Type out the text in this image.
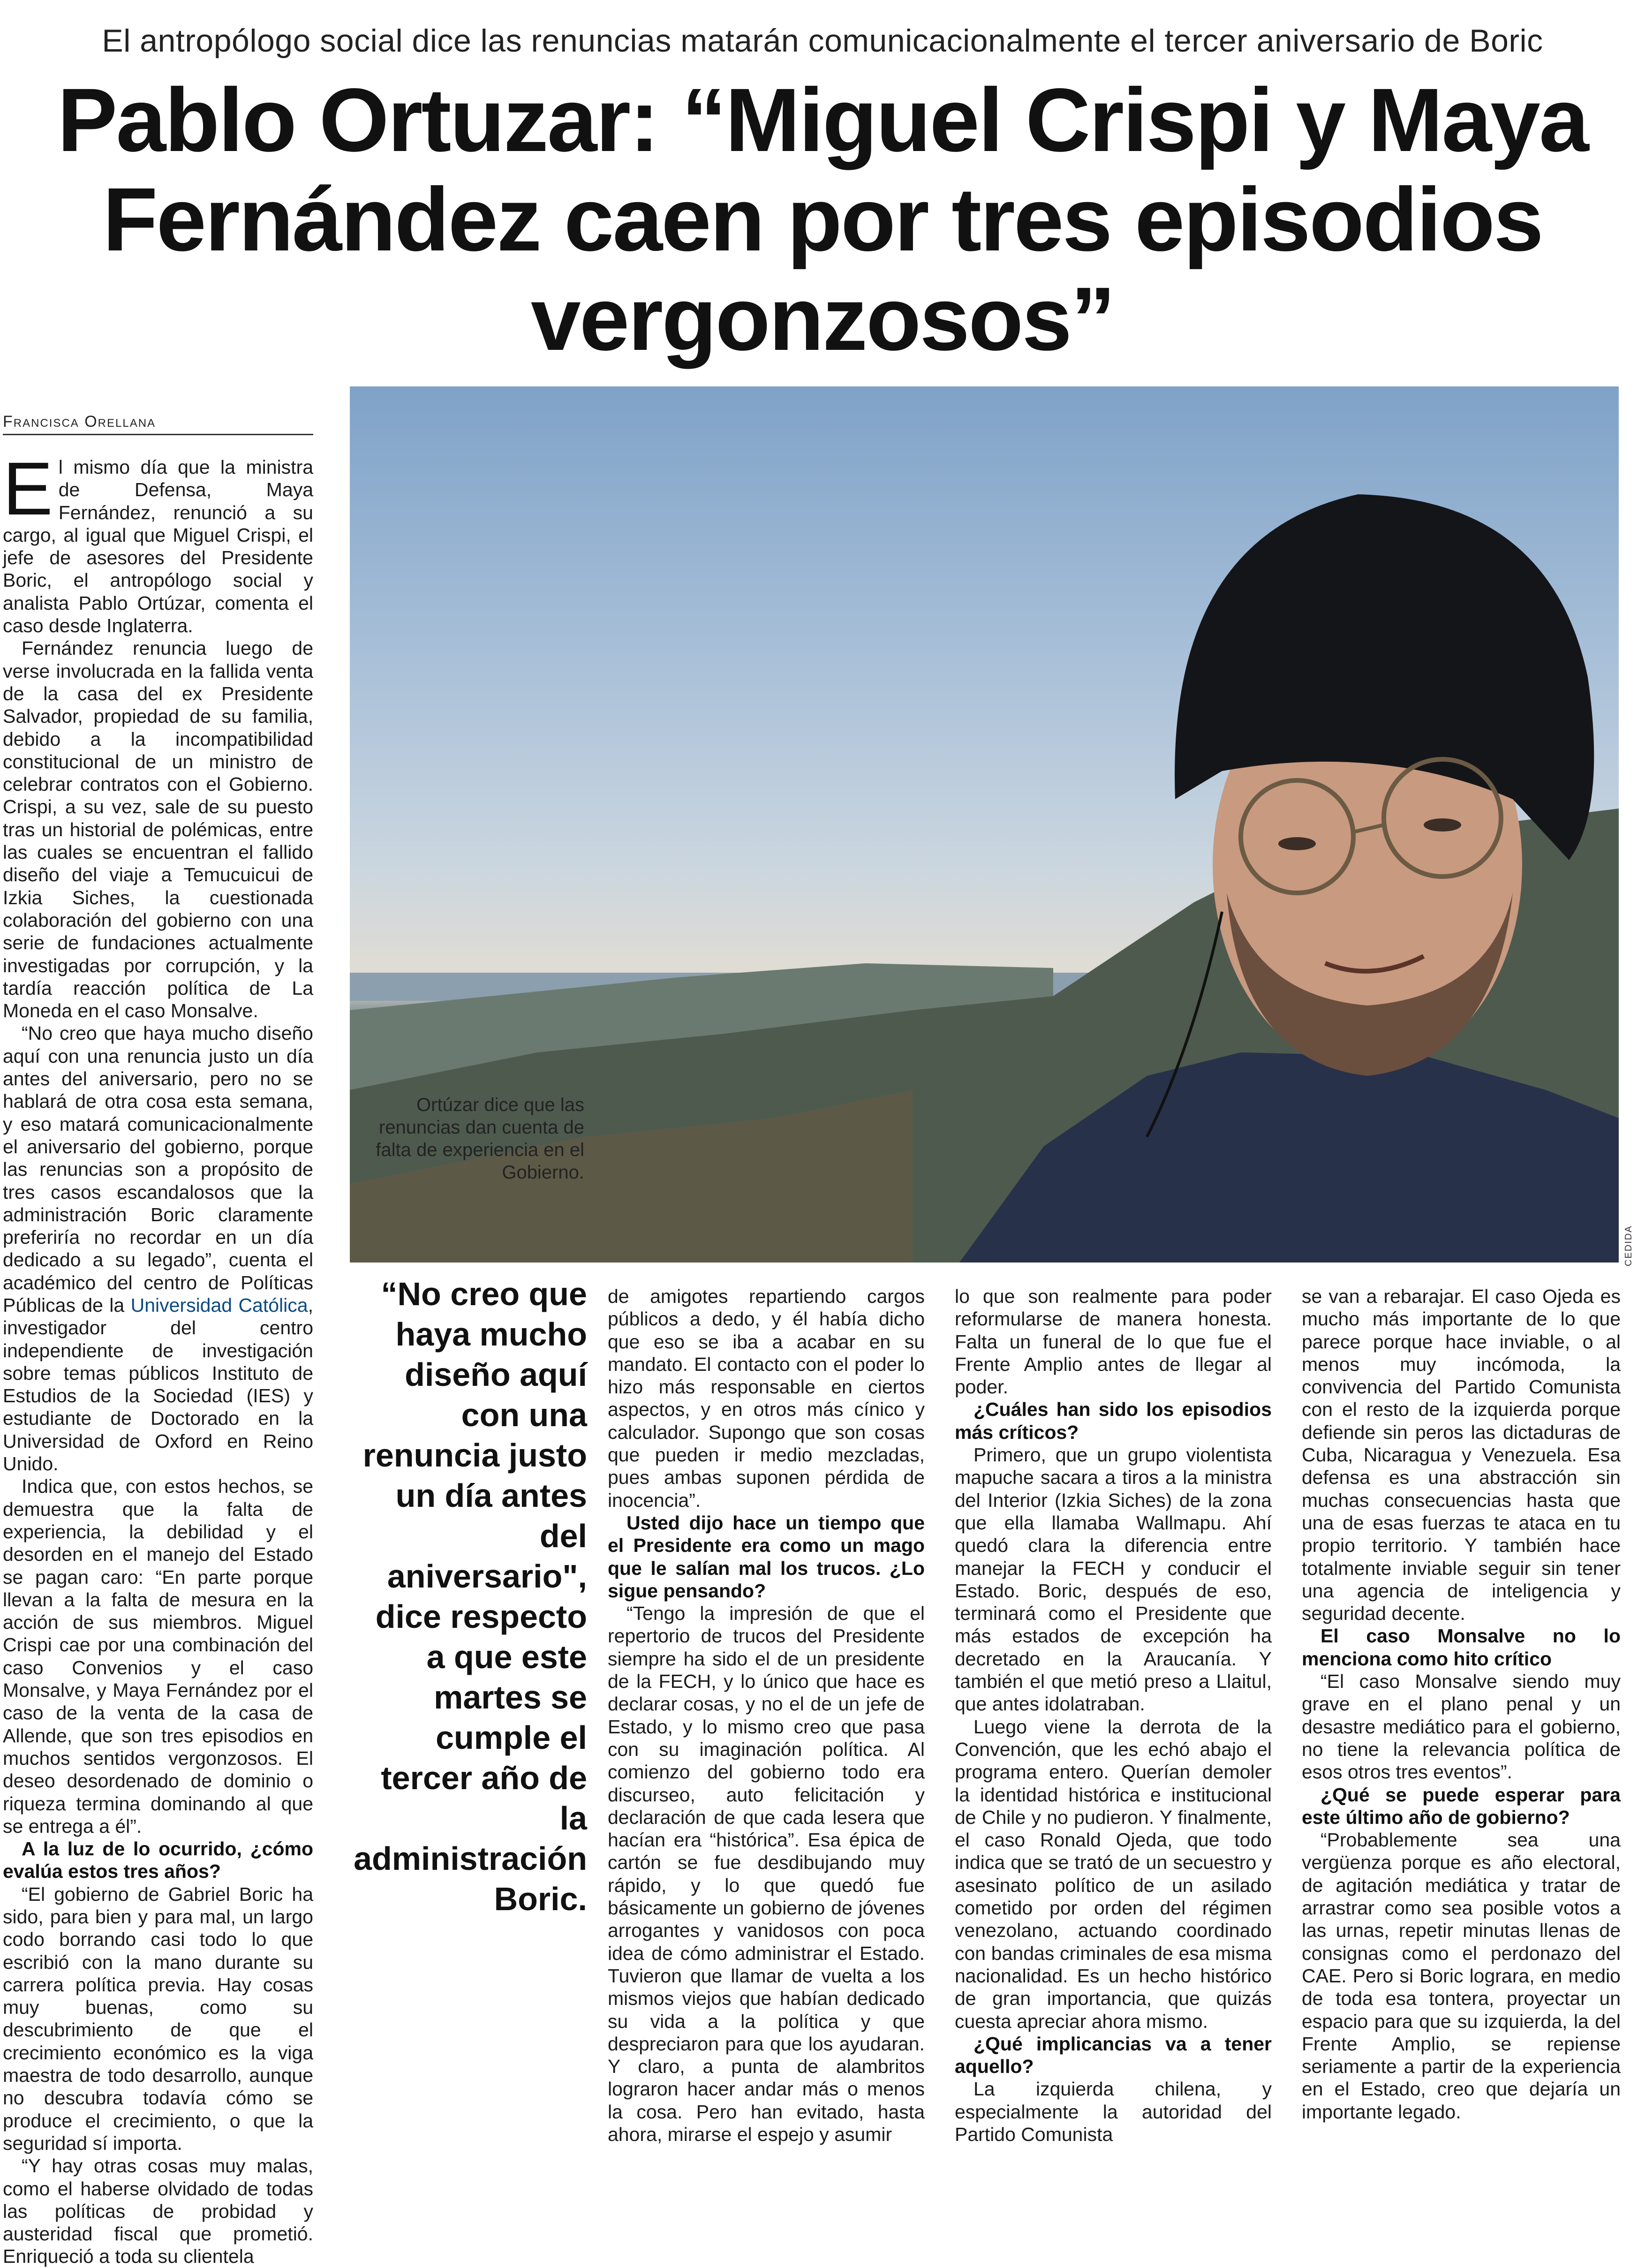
El antropólogo social dice las renuncias matarán comunicacionalmente el tercer aniversario de Boric
Pablo Ortuzar: “Miguel Crispi y Maya Fernández caen por tres episodios vergonzosos”
Francisca Orellana
Ortúzar dice que las renuncias dan cuenta de falta de experiencia en el Gobierno.
CEDIDA

El mismo día que la ministra de Defensa, Maya Fernández, renunció a su cargo, al igual que Miguel Crispi, el jefe de asesores del Presidente Boric, el antropólogo social y analista Pablo Ortúzar, comenta el caso desde Inglaterra.

Fernández renuncia luego de verse involucrada en la fallida venta de la casa del ex Presidente Salvador, propiedad de su familia, debido a la incompatibilidad constitucional de un ministro de celebrar contratos con el Gobierno. Crispi, a su vez, sale de su puesto tras un historial de polémicas, entre las cuales se encuentran el fallido diseño del viaje a Temucuicui de Izkia Siches, la cuestionada colaboración del gobierno con una serie de fundaciones actualmente investigadas por corrupción, y la tardía reacción política de La Moneda en el caso Monsalve.

“No creo que haya mucho diseño aquí con una renuncia justo un día antes del aniversario, pero no se hablará de otra cosa esta semana, y eso matará comunicacionalmente el aniversario del gobierno, porque las renuncias son a propósito de tres casos escandalosos que la administración Boric claramente preferiría no recordar en un día dedicado a su legado”, cuenta el académico del centro de Políticas Públicas de la Universidad Católica, investigador del centro independiente de investigación sobre temas públicos Instituto de Estudios de la Sociedad (IES) y estudiante de Doctorado en la Universidad de Oxford en Reino Unido.

Indica que, con estos hechos, se demuestra que la falta de experiencia, la debilidad y el desorden en el manejo del Estado se pagan caro: “En parte porque llevan a la falta de mesura en la acción de sus miembros. Miguel Crispi cae por una combinación del caso Convenios y el caso Monsalve, y Maya Fernández por el caso de la venta de la casa de Allende, que son tres episodios en muchos sentidos vergonzosos. El deseo desordenado de dominio o riqueza termina dominando al que se entrega a él”.

A la luz de lo ocurrido, ¿cómo evalúa estos tres años?

“El gobierno de Gabriel Boric ha sido, para bien y para mal, un largo codo borrando casi todo lo que escribió con la mano durante su carrera política previa. Hay cosas muy buenas, como su descubrimiento de que el crecimiento económico es la viga maestra de todo desarrollo, aunque no descubra todavía cómo se produce el crecimiento, o que la seguridad sí importa.

“Y hay otras cosas muy malas, como el haberse olvidado de todas las políticas de probidad y austeridad fiscal que prometió. Enriqueció a toda su clientela

“No creo que haya mucho diseño aquí con una renuncia justo un día antes del aniversario", dice respecto a que este martes se cumple el tercer año de la administración Boric.

de amigotes repartiendo cargos públicos a dedo, y él había dicho que eso se iba a acabar en su mandato. El contacto con el poder lo hizo más responsable en ciertos aspectos, y en otros más cínico y calculador. Supongo que son cosas que pueden ir medio mezcladas, pues ambas suponen pérdida de inocencia”.

Usted dijo hace un tiempo que el Presidente era como un mago que le salían mal los trucos. ¿Lo sigue pensando?

“Tengo la impresión de que el repertorio de trucos del Presidente siempre ha sido el de un presidente de la FECH, y lo único que hace es declarar cosas, y no el de un jefe de Estado, y lo mismo creo que pasa con su imaginación política. Al comienzo del gobierno todo era discurseo, auto felicitación y declaración de que cada lesera que hacían era “histórica”. Esa épica de cartón se fue desdibujando muy rápido, y lo que quedó fue básicamente un gobierno de jóvenes arrogantes y vanidosos con poca idea de cómo administrar el Estado. Tuvieron que llamar de vuelta a los mismos viejos que habían dedicado su vida a la política y que despreciaron para que los ayudaran. Y claro, a punta de alambritos lograron hacer andar más o menos la cosa. Pero han evitado, hasta ahora, mirarse el espejo y asumir

lo que son realmente para poder reformularse de manera honesta. Falta un funeral de lo que fue el Frente Amplio antes de llegar al poder.

¿Cuáles han sido los episodios más críticos?

Primero, que un grupo violentista mapuche sacara a tiros a la ministra del Interior (Izkia Siches) de la zona que ella llamaba Wallmapu. Ahí quedó clara la diferencia entre manejar la FECH y conducir el Estado. Boric, después de eso, terminará como el Presidente que más estados de excepción ha decretado en la Araucanía. Y también el que metió preso a Llaitul, que antes idolatraban.

Luego viene la derrota de la Convención, que les echó abajo el programa entero. Querían demoler la identidad histórica e institucional de Chile y no pudieron. Y finalmente, el caso Ronald Ojeda, que todo indica que se trató de un secuestro y asesinato político de un asilado cometido por orden del régimen venezolano, actuando coordinado con bandas criminales de esa misma nacionalidad. Es un hecho histórico de gran importancia, que quizás cuesta apreciar ahora mismo.

¿Qué implicancias va a tener aquello?

La izquierda chilena, y especialmente la autoridad del Partido Comunista

se van a rebarajar. El caso Ojeda es mucho más importante de lo que parece porque hace inviable, o al menos muy incómoda, la convivencia del Partido Comunista con el resto de la izquierda porque defiende sin peros las dictaduras de Cuba, Nicaragua y Venezuela. Esa defensa es una abstracción sin muchas consecuencias hasta que una de esas fuerzas te ataca en tu propio territorio. Y también hace totalmente inviable seguir sin tener una agencia de inteligencia y seguridad decente.

El caso Monsalve no lo menciona como hito crítico

“El caso Monsalve siendo muy grave en el plano penal y un desastre mediático para el gobierno, no tiene la relevancia política de esos otros tres eventos”.

¿Qué se puede esperar para este último año de gobierno?

“Probablemente sea una vergüenza porque es año electoral, de agitación mediática y tratar de arrastrar como sea posible votos a las urnas, repetir minutas llenas de consignas como el perdonazo del CAE. Pero si Boric lograra, en medio de toda esa tontera, proyectar un espacio para que su izquierda, la del Frente Amplio, se repiense seriamente a partir de la experiencia en el Estado, creo que dejaría un importante legado.
